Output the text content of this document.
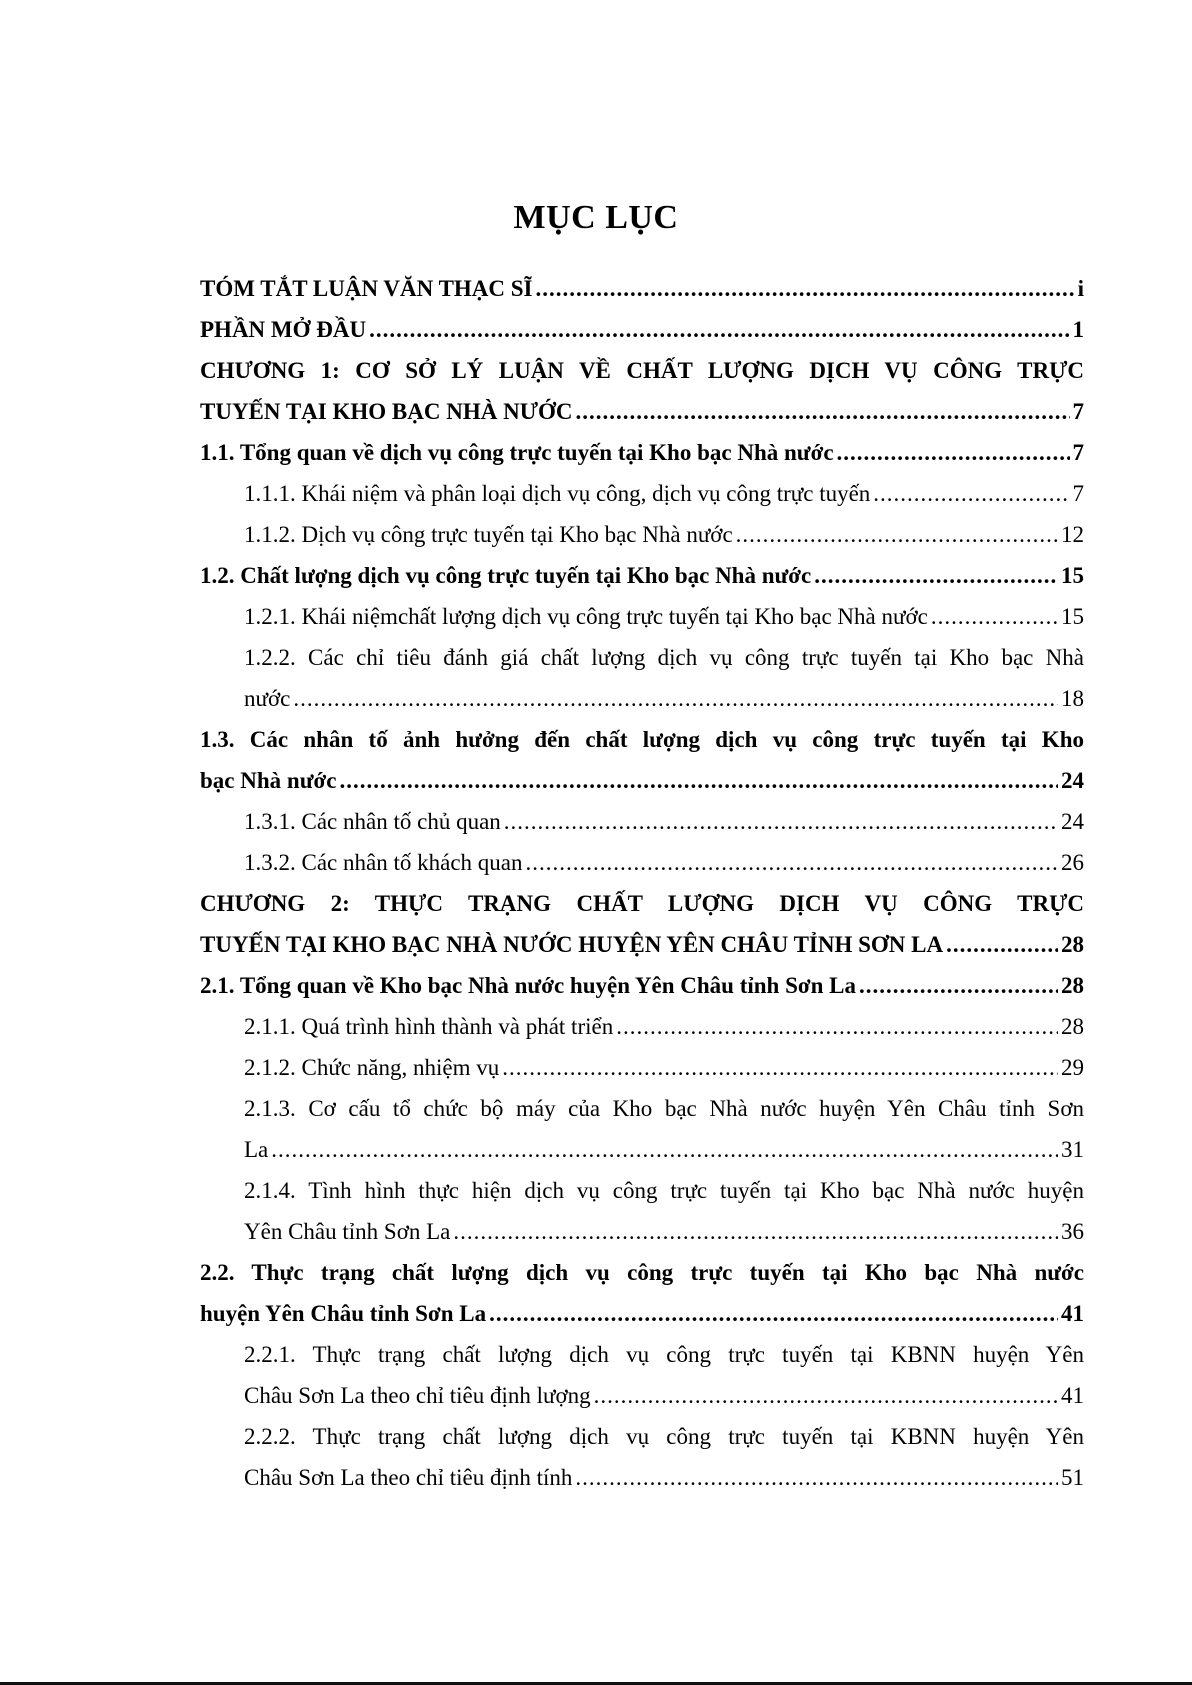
MỤC LỤC
TÓM TẮT LUẬN VĂN THẠC SĨ .....	i
PHẦN MỞ ĐẦU .....	1
CHƯƠNG 1: CƠ SỞ LÝ LUẬN VỀ CHẤT LƯỢNG DỊCH VỤ CÔNG TRỰC
TUYẾN TẠI KHO BẠC NHÀ NƯỚC .....	7
1.1. Tổng quan về dịch vụ công trực tuyến tại Kho bạc Nhà nước .....	7
1.1.1. Khái niệm và phân loại dịch vụ công, dịch vụ công trực tuyến .....	7
1.1.2. Dịch vụ công trực tuyến tại Kho bạc Nhà nước .....	12
1.2. Chất lượng dịch vụ công trực tuyến tại Kho bạc Nhà nước .....	15
1.2.1. Khái niệmchất lượng dịch vụ công trực tuyến tại Kho bạc Nhà nước .....	15
1.2.2. Các chỉ tiêu đánh giá chất lượng dịch vụ công trực tuyến tại Kho bạc Nhà
nước .....	18
1.3. Các nhân tố ảnh hưởng đến chất lượng dịch vụ công trực tuyến tại Kho
bạc Nhà nước .....	24
1.3.1. Các nhân tố chủ quan .....	24
1.3.2. Các nhân tố khách quan .....	26
CHƯƠNG 2: THỰC TRẠNG CHẤT LƯỢNG DỊCH VỤ CÔNG TRỰC
TUYẾN TẠI KHO BẠC NHÀ NƯỚC HUYỆN YÊN CHÂU TỈNH SƠN LA .....	28
2.1. Tổng quan về Kho bạc Nhà nước huyện Yên Châu tỉnh Sơn La .....	28
2.1.1. Quá trình hình thành và phát triển .....	28
2.1.2. Chức năng, nhiệm vụ .....	29
2.1.3. Cơ cấu tổ chức bộ máy của Kho bạc Nhà nước huyện Yên Châu tỉnh Sơn
La .....	31
2.1.4. Tình hình thực hiện dịch vụ công trực tuyến tại Kho bạc Nhà nước huyện
Yên Châu tỉnh Sơn La .....	36
2.2. Thực trạng chất lượng dịch vụ công trực tuyến tại Kho bạc Nhà nước
huyện Yên Châu tỉnh Sơn La .....	41
2.2.1. Thực trạng chất lượng dịch vụ công trực tuyến tại KBNN huyện Yên
Châu Sơn La theo chỉ tiêu định lượng .....	41
2.2.2. Thực trạng chất lượng dịch vụ công trực tuyến tại KBNN huyện Yên
Châu Sơn La theo chỉ tiêu định tính .....	51
